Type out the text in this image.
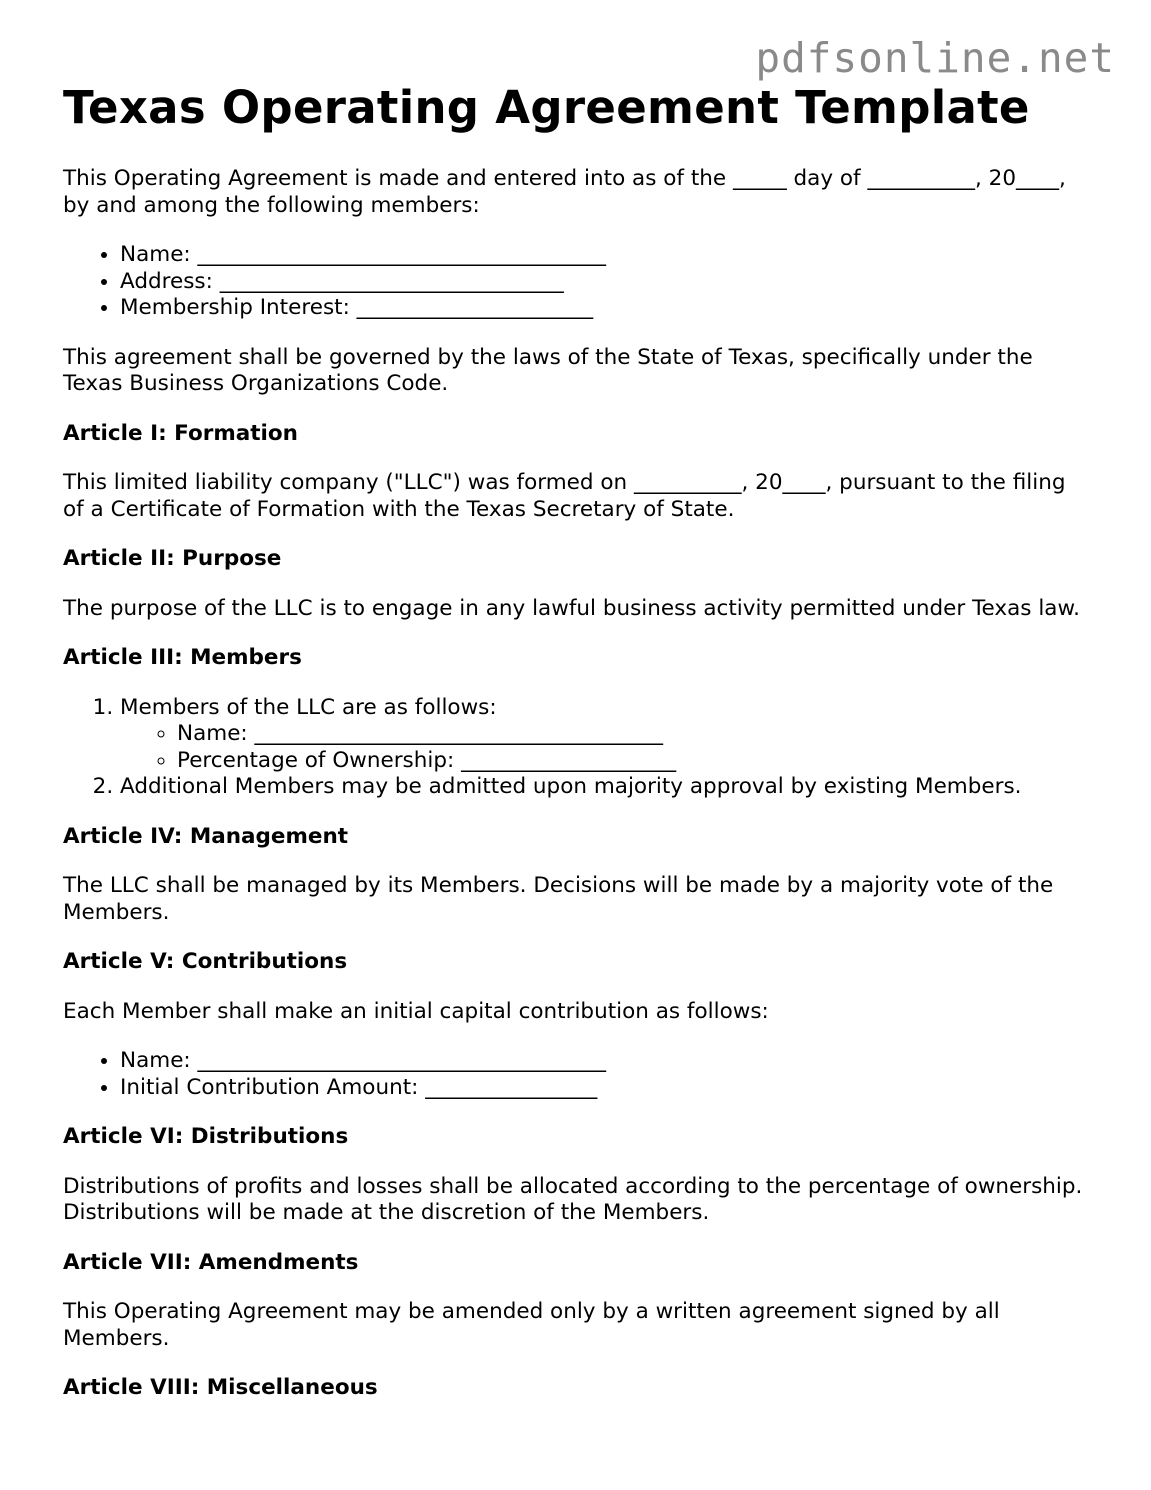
pdfsonline.net
Texas Operating Agreement Template

This Operating Agreement is made and entered into as of the _____ day of __________, 20____, by and among the following members:

• Name: ______________________________________
• Address: ________________________________
• Membership Interest: ______________________

This agreement shall be governed by the laws of the State of Texas, specifically under the Texas Business Organizations Code.

Article I: Formation

This limited liability company ("LLC") was formed on __________, 20____, pursuant to the filing of a Certificate of Formation with the Texas Secretary of State.

Article II: Purpose

The purpose of the LLC is to engage in any lawful business activity permitted under Texas law.

Article III: Members
1. Members of the LLC are as follows:
◦ Name: ______________________________________
◦ Percentage of Ownership: ____________________
2. Additional Members may be admitted upon majority approval by existing Members.
Article IV: Management

The LLC shall be managed by its Members. Decisions will be made by a majority vote of the Members.

Article V: Contributions

Each Member shall make an initial capital contribution as follows:

• Name: ______________________________________
• Initial Contribution Amount: ________________
Article VI: Distributions

Distributions of profits and losses shall be allocated according to the percentage of ownership. Distributions will be made at the discretion of the Members.

Article VII: Amendments

This Operating Agreement may be amended only by a written agreement signed by all Members.

Article VIII: Miscellaneous
